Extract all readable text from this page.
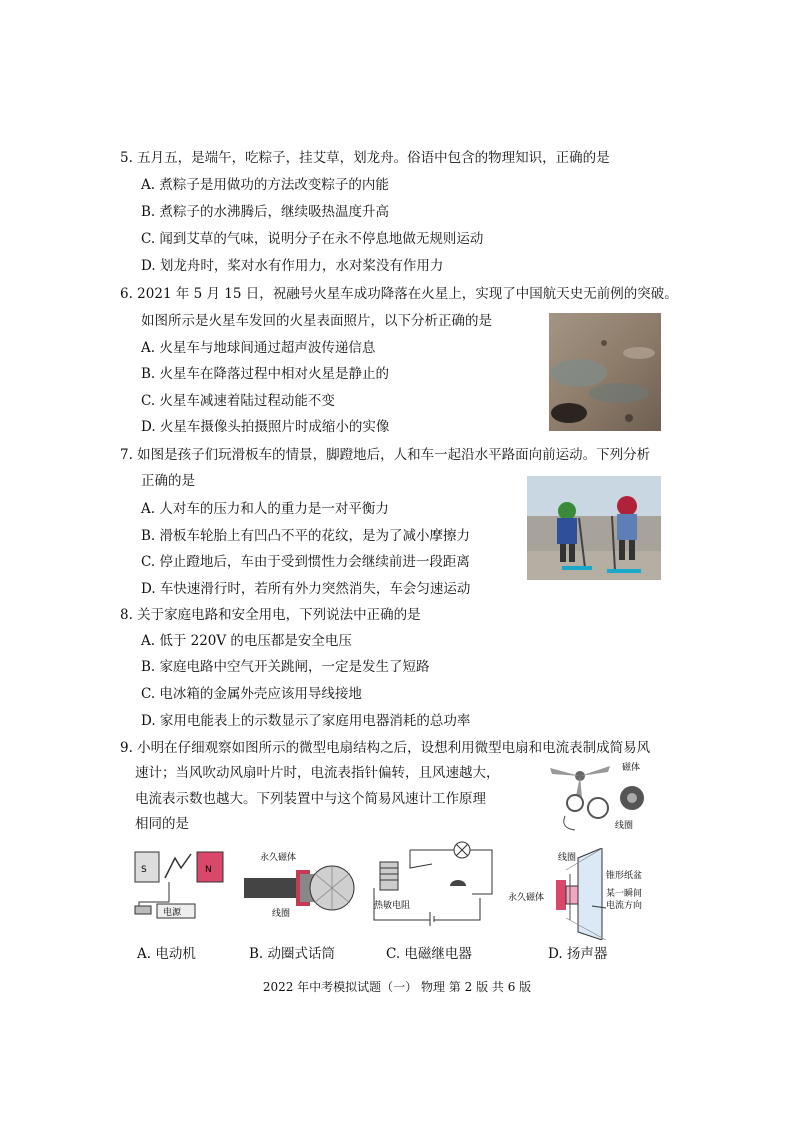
5. 五月五，是端午，吃粽子，挂艾草，划龙舟。俗语中包含的物理知识，正确的是
A. 煮粽子是用做功的方法改变粽子的内能
B. 煮粽子的水沸腾后，继续吸热温度升高
C. 闻到艾草的气味，说明分子在永不停息地做无规则运动
D. 划龙舟时，桨对水有作用力，水对桨没有作用力
6. 2021 年 5 月 15 日，祝融号火星车成功降落在火星上，实现了中国航天史无前例的突破。
如图所示是火星车发回的火星表面照片，以下分析正确的是
A. 火星车与地球间通过超声波传递信息
B. 火星车在降落过程中相对火星是静止的
C. 火星车减速着陆过程动能不变
D. 火星车摄像头拍摄照片时成缩小的实像
7. 如图是孩子们玩滑板车的情景，脚蹬地后，人和车一起沿水平路面向前运动。下列分析
正确的是
A. 人对车的压力和人的重力是一对平衡力
B. 滑板车轮胎上有凹凸不平的花纹，是为了减小摩擦力
C. 停止蹬地后，车由于受到惯性力会继续前进一段距离
D. 车快速滑行时，若所有外力突然消失，车会匀速运动
8. 关于家庭电路和安全用电，下列说法中正确的是
A. 低于 220V 的电压都是安全电压
B. 家庭电路中空气开关跳闸，一定是发生了短路
C. 电冰箱的金属外壳应该用导线接地
D. 家用电能表上的示数显示了家庭用电器消耗的总功率
9. 小明在仔细观察如图所示的微型电扇结构之后，设想利用微型电扇和电流表制成简易风
速计；当风吹动风扇叶片时，电流表指针偏转，且风速越大，
电流表示数也越大。下列装置中与这个简易风速计工作原理
相同的是
磁体
线圈
S	N
电源
永久磁体
线圈
热敏电阻
线圈
锥形纸盆
永久磁体	某一瞬间
电流方向
A. 电动机	B. 动圈式话筒	C. 电磁继电器	D. 扬声器
2022 年中考模拟试题（一） 物理 第 2 版 共 6 版
